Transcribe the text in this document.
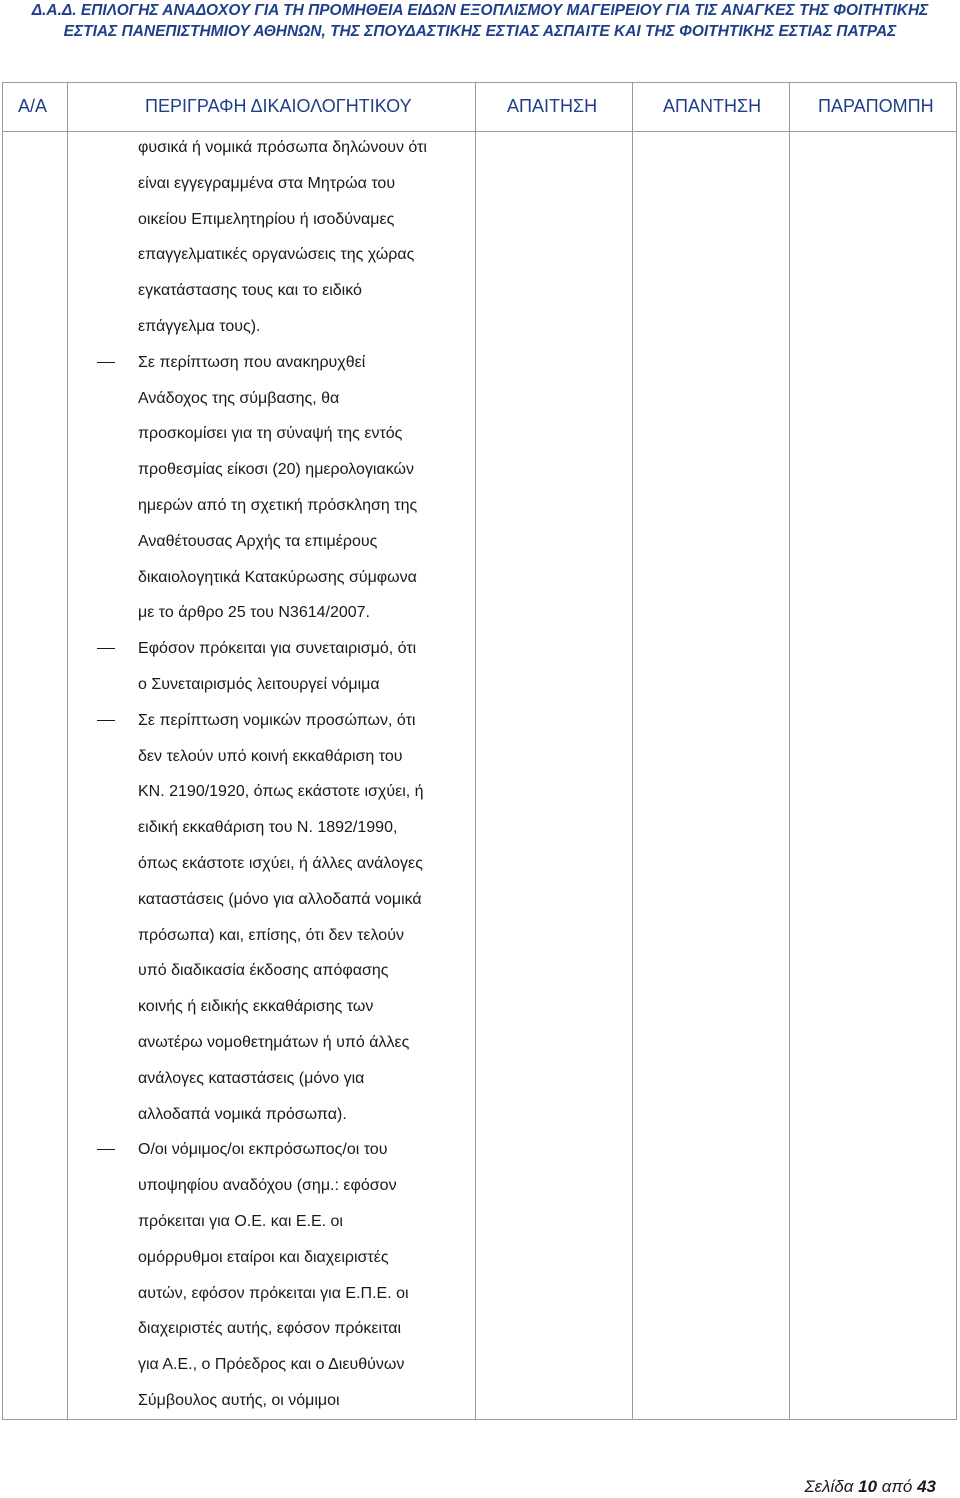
Δ.Α.Δ. ΕΠΙΛΟΓΗΣ ΑΝΑΔΟΧΟΥ ΓΙΑ ΤΗ ΠΡΟΜΗΘΕΙΑ ΕΙΔΩΝ ΕΞΟΠΛΙΣΜΟΥ ΜΑΓΕΙΡΕΙΟΥ ΓΙΑ ΤΙΣ ΑΝΑΓΚΕΣ ΤΗΣ ΦΟΙΤΗΤΙΚΗΣ
ΕΣΤΙΑΣ ΠΑΝΕΠΙΣΤΗΜΙΟΥ ΑΘΗΝΩΝ, ΤΗΣ ΣΠΟΥΔΑΣΤΙΚΗΣ ΕΣΤΙΑΣ ΑΣΠΑΙΤΕ ΚΑΙ ΤΗΣ ΦΟΙΤΗΤΙΚΗΣ ΕΣΤΙΑΣ ΠΑΤΡΑΣ
Α/Α	ΠΕΡΙΓΡΑΦΗ ΔΙΚΑΙΟΛΟΓΗΤΙΚΟΥ	ΑΠΑΙΤΗΣΗ	ΑΠΑΝΤΗΣΗ	ΠΑΡΑΠΟΜΠΗ
φυσικά ή νομικά πρόσωπα δηλώνουν ότι
είναι εγγεγραμμένα στα Μητρώα του
οικείου Επιμελητηρίου ή ισοδύναμες
επαγγελματικές οργανώσεις της χώρας
εγκατάστασης τους και το ειδικό
επάγγελμα τους).
Σε περίπτωση που ανακηρυχθεί
Ανάδοχος της σύμβασης, θα
προσκομίσει για τη σύναψή της εντός
προθεσμίας είκοσι (20) ημερολογιακών
ημερών από τη σχετική πρόσκληση της
Αναθέτουσας Αρχής τα επιμέρους
δικαιολογητικά Κατακύρωσης σύμφωνα
με το άρθρο 25 του Ν3614/2007.
Εφόσον πρόκειται για συνεταιρισμό, ότι
ο Συνεταιρισμός λειτουργεί νόμιμα
Σε περίπτωση νομικών προσώπων, ότι
δεν τελούν υπό κοινή εκκαθάριση του
ΚΝ. 2190/1920, όπως εκάστοτε ισχύει, ή
ειδική εκκαθάριση του Ν. 1892/1990,
όπως εκάστοτε ισχύει, ή άλλες ανάλογες
καταστάσεις (μόνο για αλλοδαπά νομικά
πρόσωπα) και, επίσης, ότι δεν τελούν
υπό διαδικασία έκδοσης απόφασης
κοινής ή ειδικής εκκαθάρισης των
ανωτέρω νομοθετημάτων ή υπό άλλες
ανάλογες καταστάσεις (μόνο για
αλλοδαπά νομικά πρόσωπα).
Ο/οι νόμιμος/οι εκπρόσωπος/οι του
υποψηφίου αναδόχου (σημ.: εφόσον
πρόκειται για Ο.Ε. και Ε.Ε. οι
ομόρρυθμοι εταίροι και διαχειριστές
αυτών, εφόσον πρόκειται για Ε.Π.Ε. οι
διαχειριστές αυτής, εφόσον πρόκειται
για Α.Ε., ο Πρόεδρος και ο Διευθύνων
Σύμβουλος αυτής, οι νόμιμοι
Σελίδα 10 από 43
